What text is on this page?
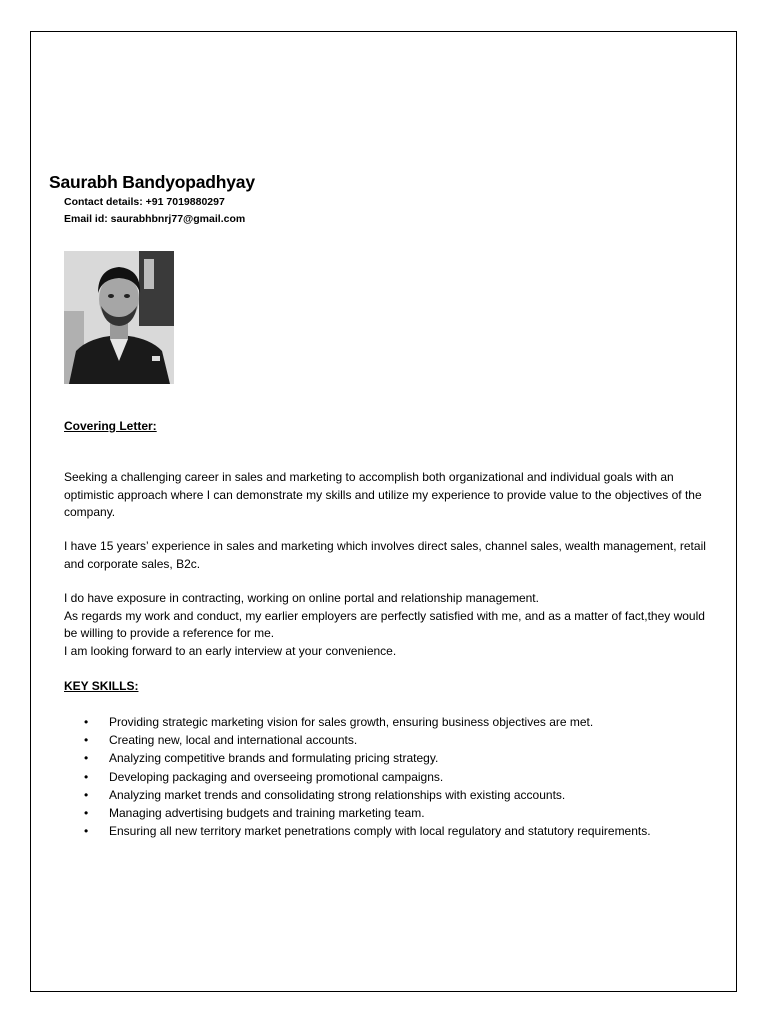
Saurabh Bandyopadhyay
Contact details: +91 7019880297
Email id: saurabhbnrj77@gmail.com
Covering Letter:

Seeking a challenging career in sales and marketing to accomplish both organizational and individual goals with an optimistic approach where I can demonstrate my skills and utilize my experience to provide value to the objectives of the company.

I have 15 years’ experience in sales and marketing which involves direct sales, channel sales, wealth management, retail and corporate sales, B2c.

I do have exposure in contracting, working on online portal and relationship management.

As regards my work and conduct, my earlier employers are perfectly satisfied with me, and as a matter of fact,they would be willing to provide a reference for me.

I am looking forward to an early interview at your convenience.

KEY SKILLS:
• Providing strategic marketing vision for sales growth, ensuring business objectives are met.
• Creating new, local and international accounts.
• Analyzing competitive brands and formulating pricing strategy.
• Developing packaging and overseeing promotional campaigns.
• Analyzing market trends and consolidating strong relationships with existing accounts.
• Managing advertising budgets and training marketing team.
• Ensuring all new territory market penetrations comply with local regulatory and statutory requirements.
